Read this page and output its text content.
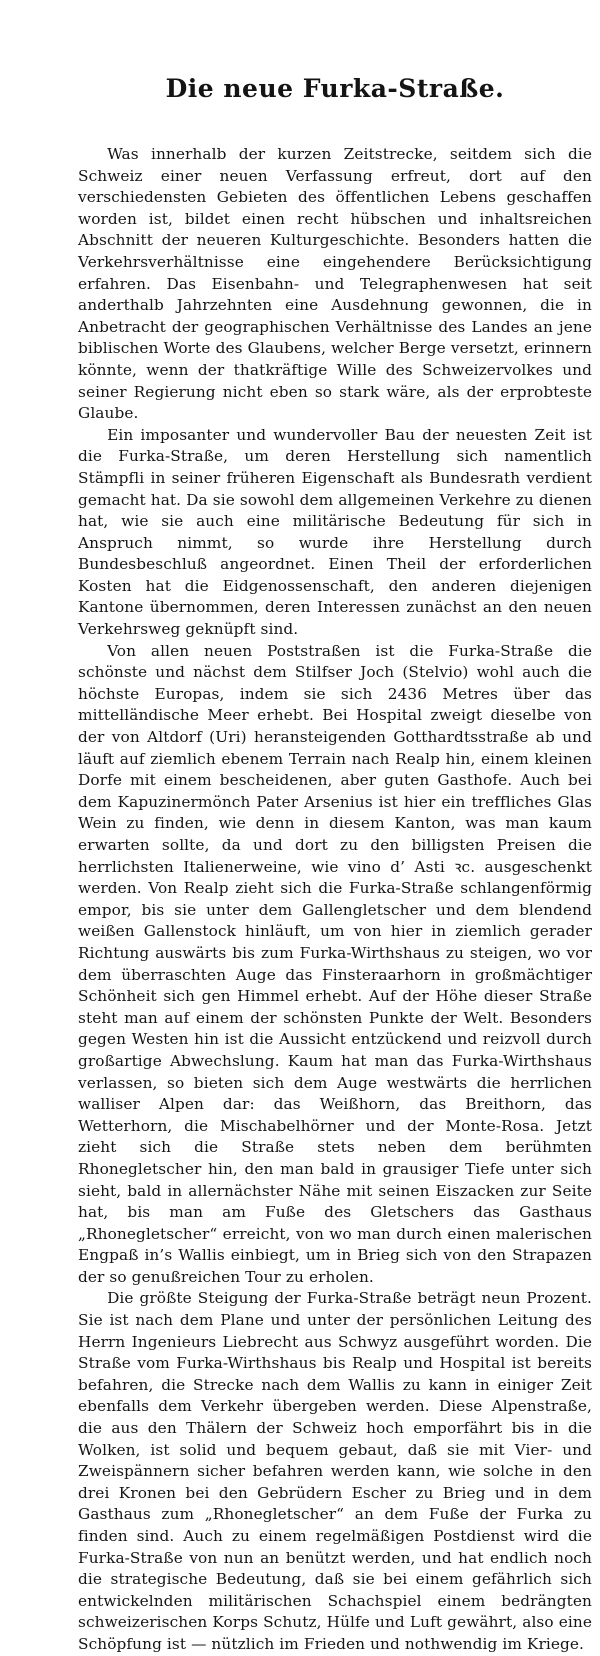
Die neue Furka-Straße.

Was innerhalb der kurzen Zeitstrecke, seitdem sich die Schweiz einer neuen Verfassung erfreut, dort auf den verschiedensten Gebieten des öffentlichen Lebens geschaffen worden ist, bildet einen recht hübschen und inhaltsreichen Abschnitt der neueren Kulturgeschichte. Besonders hatten die Verkehrsverhältnisse eine eingehendere Berücksichtigung erfahren. Das Eisenbahn- und Telegraphenwesen hat seit anderthalb Jahrzehnten eine Ausdehnung gewonnen, die in Anbetracht der geographischen Verhältnisse des Landes an jene biblischen Worte des Glaubens, welcher Berge versetzt, erinnern könnte, wenn der thatkräftige Wille des Schweizervolkes und seiner Regierung nicht eben so stark wäre, als der erprobteste Glaube.

Ein imposanter und wundervoller Bau der neuesten Zeit ist die Furka-Straße, um deren Herstellung sich namentlich Stämpfli in seiner früheren Eigenschaft als Bundesrath verdient gemacht hat. Da sie sowohl dem allgemeinen Verkehre zu dienen hat, wie sie auch eine militärische Bedeutung für sich in Anspruch nimmt, so wurde ihre Herstellung durch Bundesbeschluß angeordnet. Einen Theil der erforderlichen Kosten hat die Eidgenossenschaft, den anderen diejenigen Kantone übernommen, deren Interessen zunächst an den neuen Verkehrsweg geknüpft sind.

Von allen neuen Poststraßen ist die Furka-Straße die schönste und nächst dem Stilfser Joch (Stelvio) wohl auch die höchste Europas, indem sie sich 2436 Metres über das mittelländische Meer erhebt. Bei Hospital zweigt dieselbe von der von Altdorf (Uri) heransteigenden Gotthardtsstraße ab und läuft auf ziemlich ebenem Terrain nach Realp hin, einem kleinen Dorfe mit einem bescheidenen, aber guten Gasthofe. Auch bei dem Kapuzinermönch Pater Arsenius ist hier ein treffliches Glas Wein zu finden, wie denn in diesem Kanton, was man kaum erwarten sollte, da und dort zu den billigsten Preisen die herrlichsten Italienerweine, wie vino d’ Asti ꝛc. ausgeschenkt werden. Von Realp zieht sich die Furka-Straße schlangenförmig empor, bis sie unter dem Gallengletscher und dem blendend weißen Gallenstock hinläuft, um von hier in ziemlich gerader Richtung auswärts bis zum Furka-Wirthshaus zu steigen, wo vor dem überraschten Auge das Finsteraarhorn in großmächtiger Schönheit sich gen Himmel erhebt. Auf der Höhe dieser Straße steht man auf einem der schönsten Punkte der Welt. Besonders gegen Westen hin ist die Aussicht entzückend und reizvoll durch großartige Abwechslung. Kaum hat man das Furka-Wirthshaus verlassen, so bieten sich dem Auge westwärts die herrlichen walliser Alpen dar: das Weißhorn, das Breithorn, das Wetterhorn, die Mischabelhörner und der Monte-Rosa. Jetzt zieht sich die Straße stets neben dem berühmten Rhonegletscher hin, den man bald in grausiger Tiefe unter sich sieht, bald in allernächster Nähe mit seinen Eiszacken zur Seite hat, bis man am Fuße des Gletschers das Gasthaus „Rhonegletscher“ erreicht, von wo man durch einen malerischen Engpaß in’s Wallis einbiegt, um in Brieg sich von den Strapazen der so genußreichen Tour zu erholen.

Die größte Steigung der Furka-Straße beträgt neun Prozent. Sie ist nach dem Plane und unter der persönlichen Leitung des Herrn Ingenieurs Liebrecht aus Schwyz ausgeführt worden. Die Straße vom Furka-Wirthshaus bis Realp und Hospital ist bereits befahren, die Strecke nach dem Wallis zu kann in einiger Zeit ebenfalls dem Verkehr übergeben werden. Diese Alpenstraße, die aus den Thälern der Schweiz hoch emporfährt bis in die Wolken, ist solid und bequem gebaut, daß sie mit Vier- und Zweispännern sicher befahren werden kann, wie solche in den drei Kronen bei den Gebrüdern Escher zu Brieg und in dem Gasthaus zum „Rhonegletscher“ an dem Fuße der Furka zu finden sind. Auch zu einem regelmäßigen Postdienst wird die Furka-Straße von nun an benützt werden, und hat endlich noch die strategische Bedeutung, daß sie bei einem gefährlich sich entwickelnden militärischen Schachspiel einem bedrängten schweizerischen Korps Schutz, Hülfe und Luft gewährt, also eine Schöpfung ist — nützlich im Frieden und nothwendig im Kriege.
